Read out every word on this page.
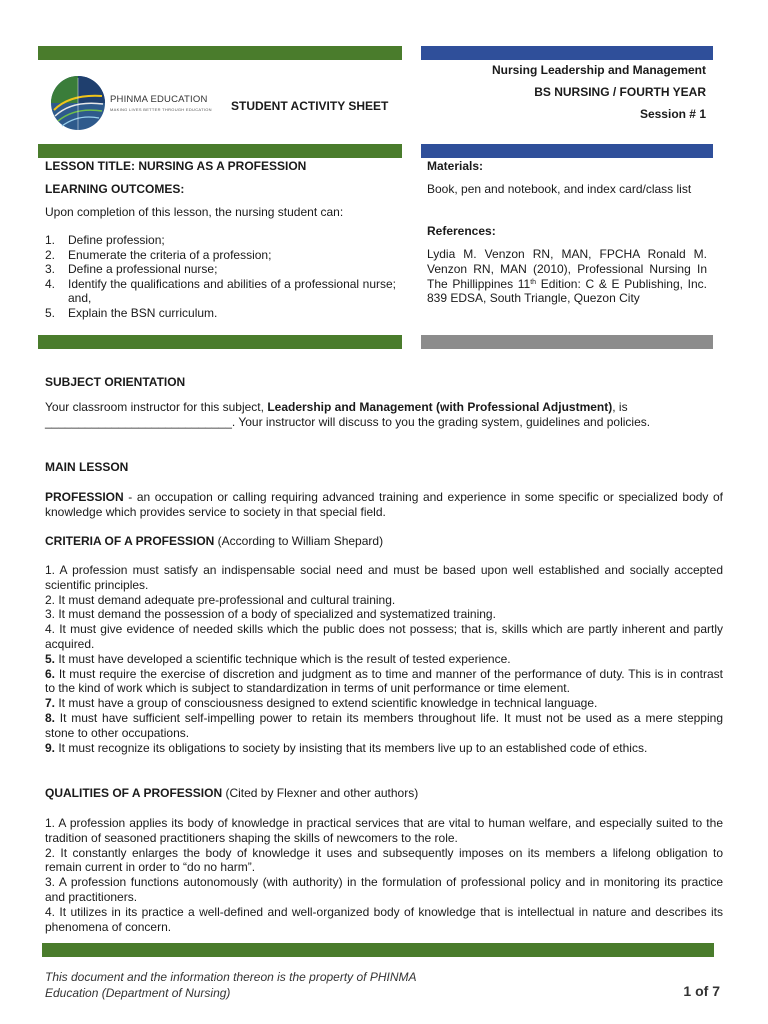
PHINMA EDUCATION
MAKING LIVES BETTER THROUGH EDUCATION STUDENT ACTIVITY SHEET
Nursing Leadership and Management
BS NURSING / FOURTH YEAR
Session # 1
LESSON TITLE: NURSING AS A PROFESSION
LEARNING OUTCOMES:
Upon completion of this lesson, the nursing student can:
1.	Define profession;
2.	Enumerate the criteria of a profession;
3.	Define a professional nurse;
4.	Identify the qualifications and abilities of a professional nurse; and,
5.	Explain the BSN curriculum.
Materials:
Book, pen and notebook, and index card/class list
References:
Lydia M. Venzon RN, MAN, FPCHA Ronald M. Venzon RN, MAN (2010), Professional Nursing In The Phillippines 11th Edition: C & E Publishing, Inc. 839 EDSA, South Triangle, Quezon City
SUBJECT ORIENTATION
Your classroom instructor for this subject, Leadership and Management (with Professional Adjustment), is
____________________________. Your instructor will discuss to you the grading system, guidelines and policies.
MAIN LESSON
PROFESSION - an occupation or calling requiring advanced training and experience in some specific or specialized body of knowledge which provides service to society in that special field.
CRITERIA OF A PROFESSION (According to William Shepard)

1. A profession must satisfy an indispensable social need and must be based upon well established and socially accepted scientific principles.

2. It must demand adequate pre-professional and cultural training.

3. It must demand the possession of a body of specialized and systematized training.

4. It must give evidence of needed skills which the public does not possess; that is, skills which are partly inherent and partly acquired.

5. It must have developed a scientific technique which is the result of tested experience.

6. It must require the exercise of discretion and judgment as to time and manner of the performance of duty. This is in contrast to the kind of work which is subject to standardization in terms of unit performance or time element.

7. It must have a group of consciousness designed to extend scientific knowledge in technical language.

8. It must have sufficient self-impelling power to retain its members throughout life. It must not be used as a mere stepping stone to other occupations.

9. It must recognize its obligations to society by insisting that its members live up to an established code of ethics.

QUALITIES OF A PROFESSION (Cited by Flexner and other authors)

1. A profession applies its body of knowledge in practical services that are vital to human welfare, and especially suited to the tradition of seasoned practitioners shaping the skills of newcomers to the role.

2. It constantly enlarges the body of knowledge it uses and subsequently imposes on its members a lifelong obligation to remain current in order to “do no harm”.

3. A profession functions autonomously (with authority) in the formulation of professional policy and in monitoring its practice and practitioners.

4. It utilizes in its practice a well-defined and well-organized body of knowledge that is intellectual in nature and describes its phenomena of concern.

This document and the information thereon is the property of PHINMA
Education (Department of Nursing)	1 of 7
